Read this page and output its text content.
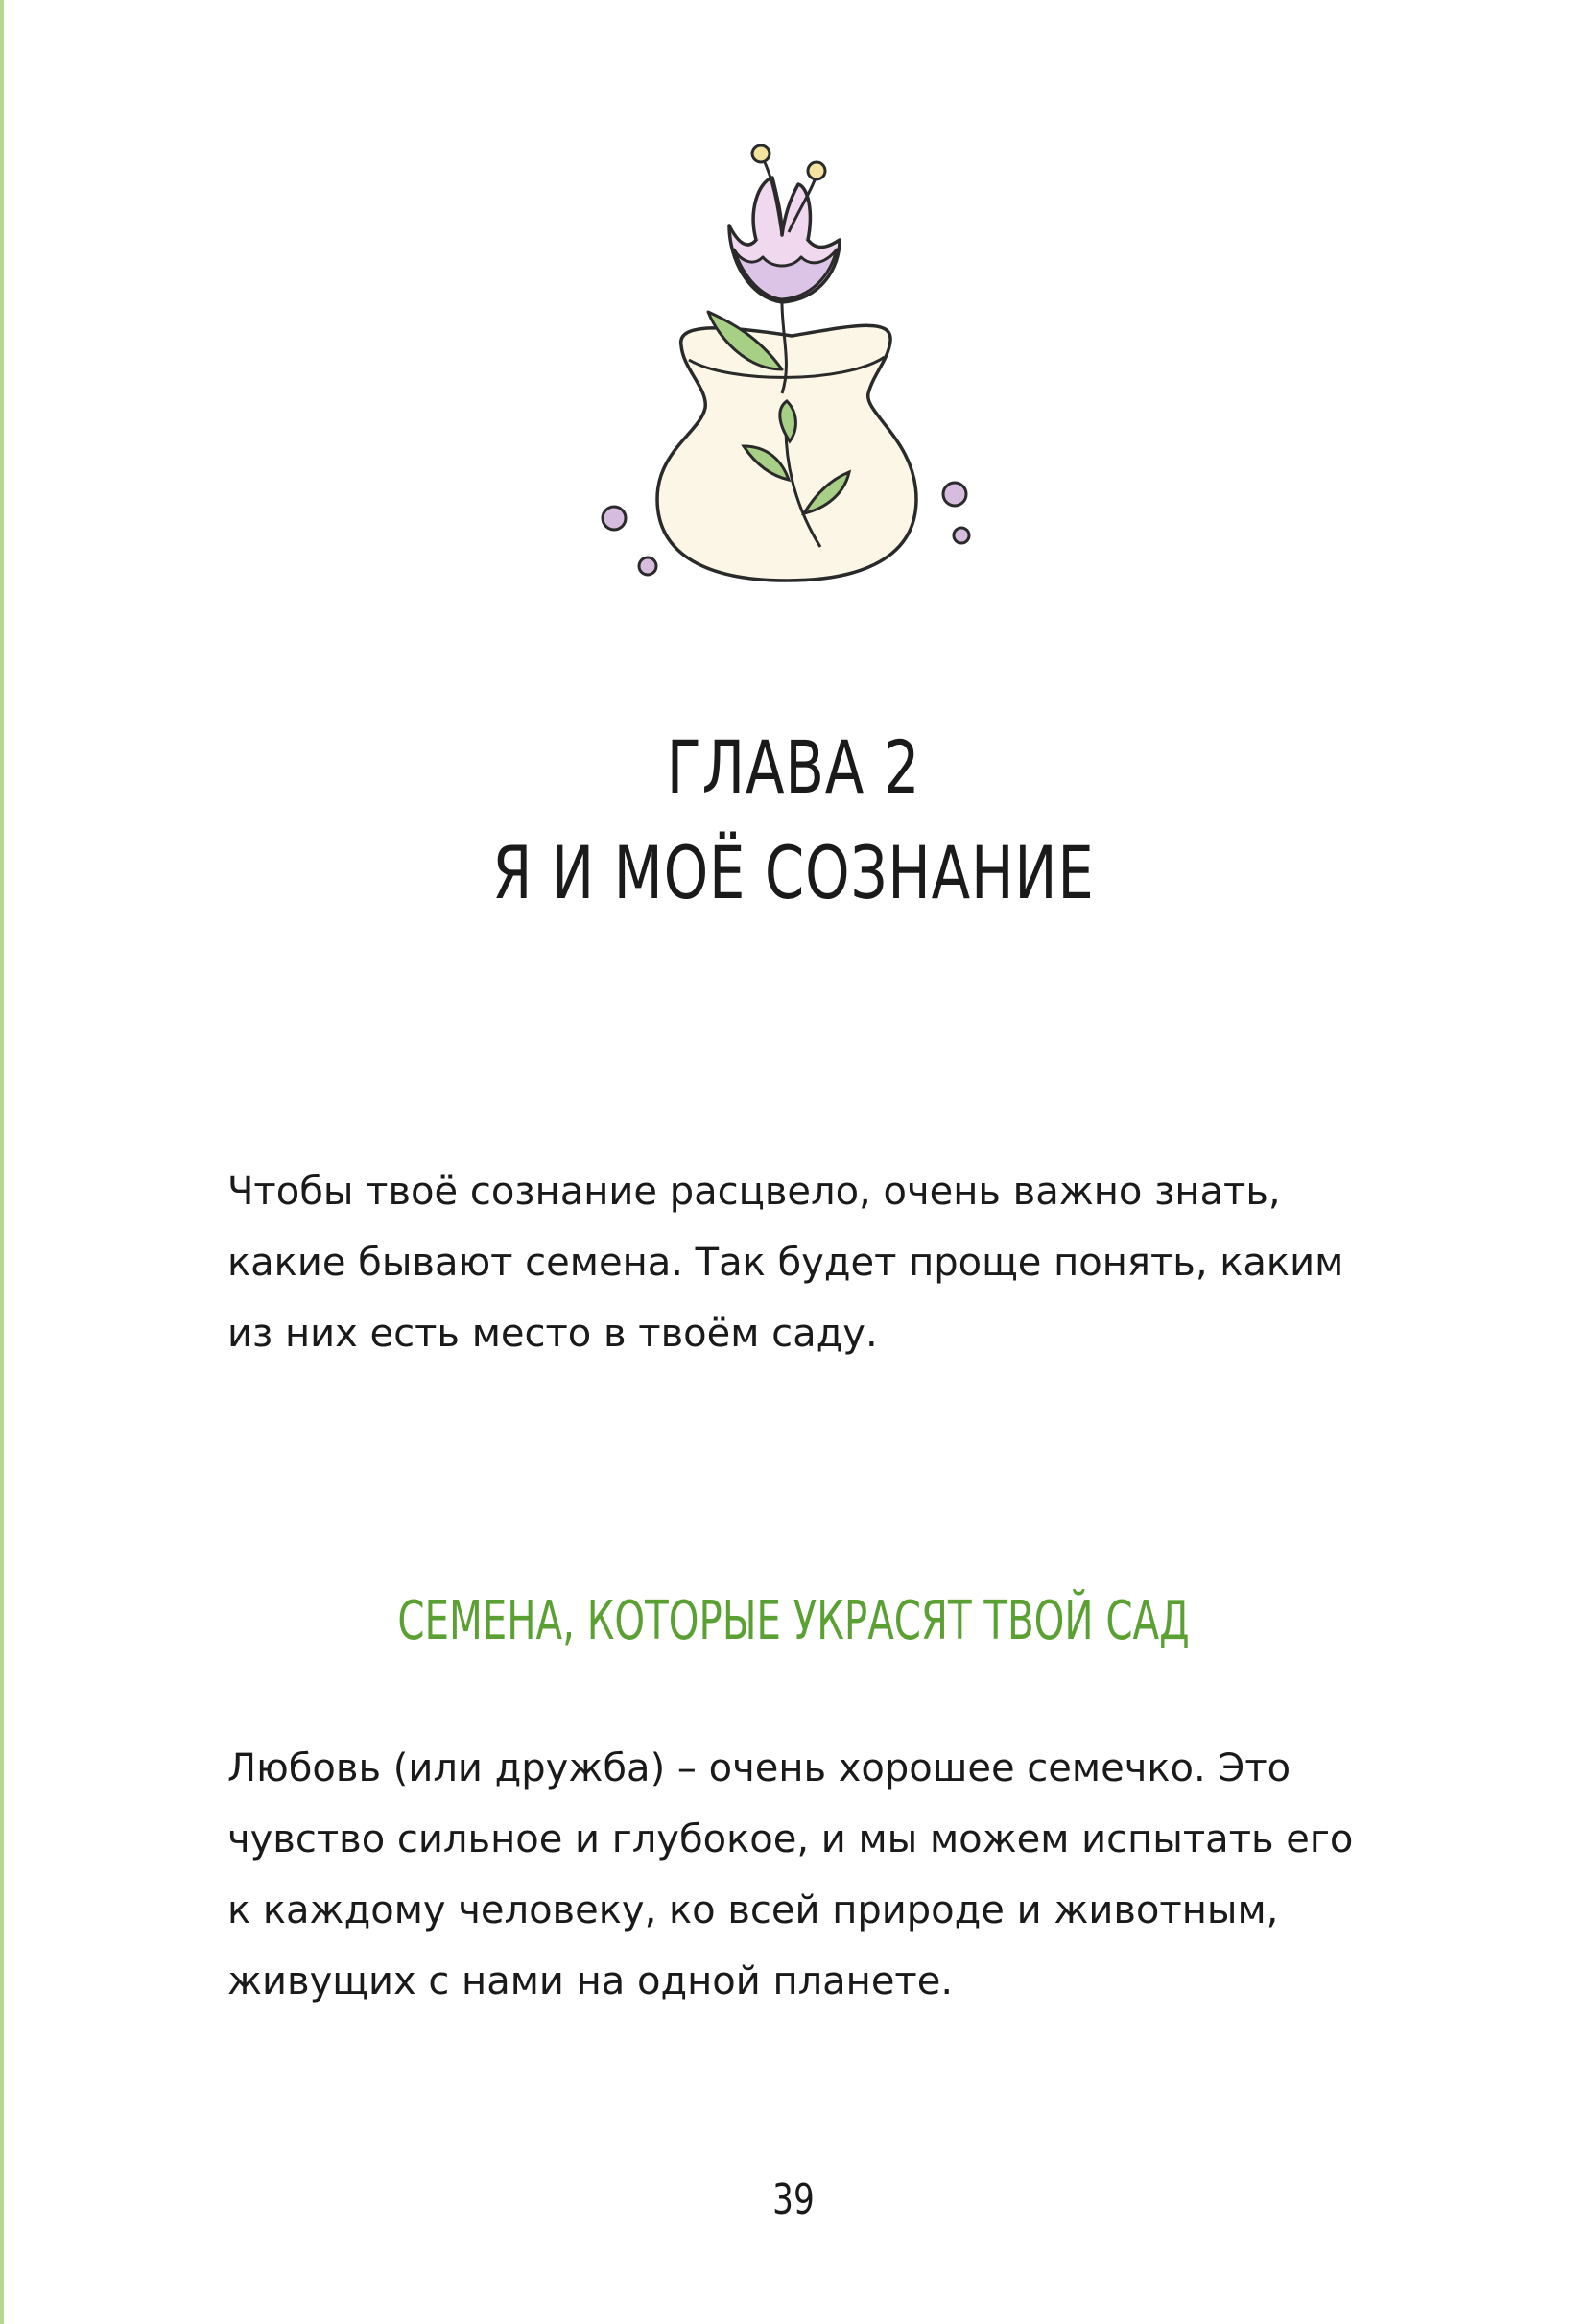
ГЛАВА 2
Я И МОЁ СОЗНАНИЕ
Чтобы твоё сознание расцвело, очень важно знать,
какие бывают семена. Так будет проще понять, каким
из них есть место в твоём саду.
СЕМЕНА, КОТОРЫЕ УКРАСЯТ ТВОЙ САД
Любовь (или дружба) – очень хорошее семечко. Это
чувство сильное и глубокое, и мы можем испытать его
к каждому человеку, ко всей природе и животным,
живущих с нами на одной планете.
39
